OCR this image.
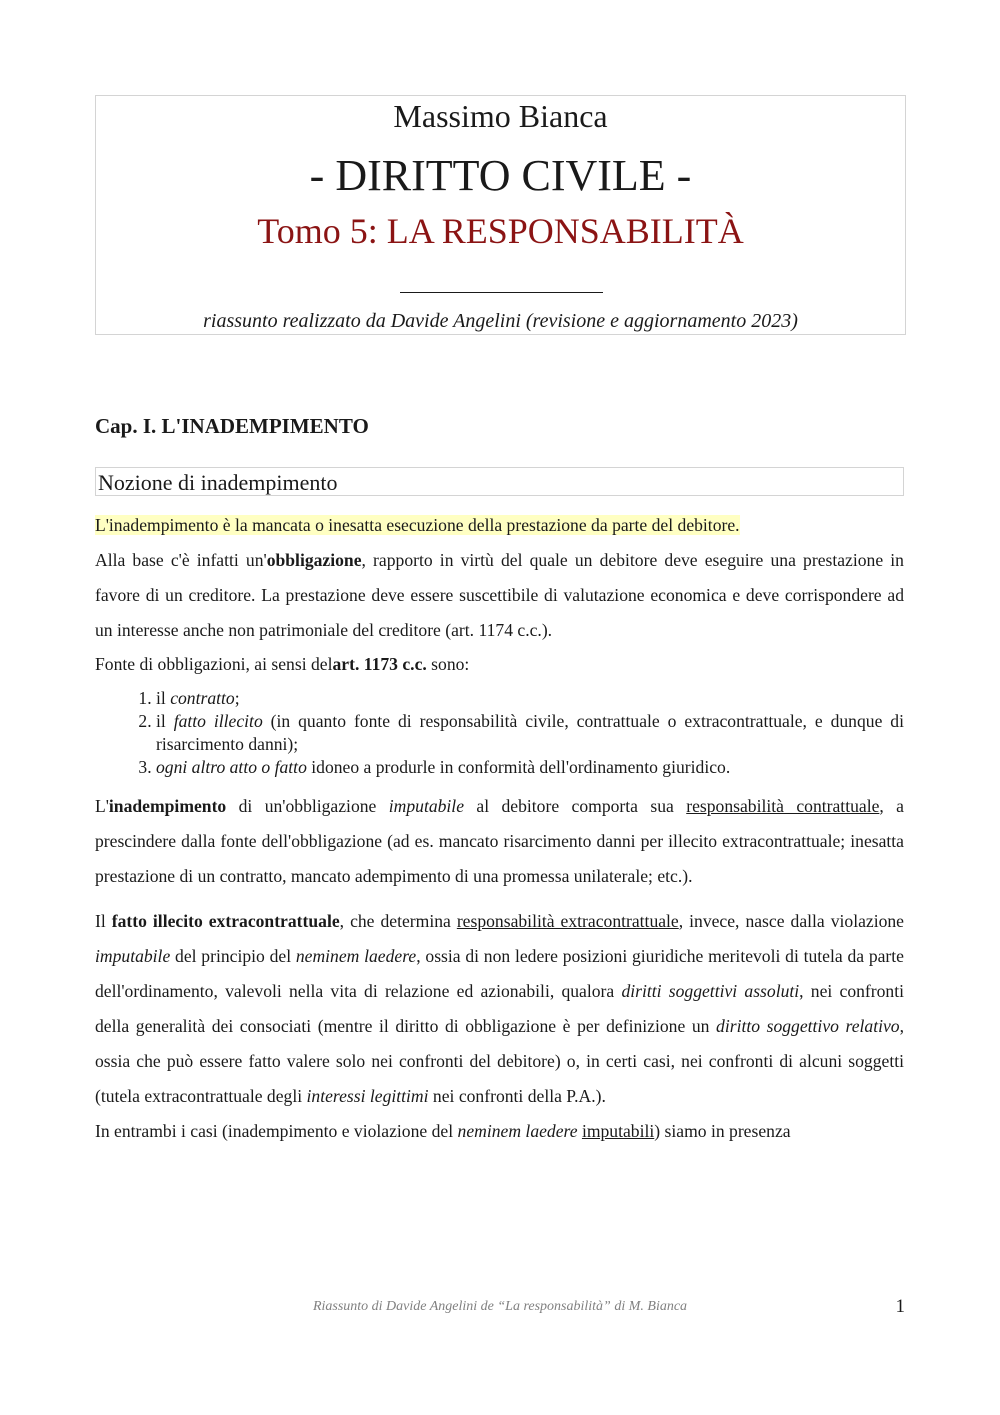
Massimo Bianca
- DIRITTO CIVILE -
Tomo 5: LA RESPONSABILITÀ
riassunto realizzato da Davide Angelini (revisione e aggiornamento 2023)
Cap. I. L'INADEMPIMENTO
Nozione di inadempimento

L'inadempimento è la mancata o inesatta esecuzione della prestazione da parte del debitore.

Alla base c'è infatti un'obbligazione, rapporto in virtù del quale un debitore deve eseguire una prestazione in favore di un creditore. La prestazione deve essere suscettibile di valutazione economica e deve corrispondere ad un interesse anche non patrimoniale del creditore (art. 1174 c.c.).

Fonte di obbligazioni, ai sensi delart. 1173 c.c. sono:

1. il contratto;
2. il fatto illecito (in quanto fonte di responsabilità civile, contrattuale o extracontrattuale, e dunque di risarcimento danni);
3. ogni altro atto o fatto idoneo a produrle in conformità dell'ordinamento giuridico.

L'inadempimento di un'obbligazione imputabile al debitore comporta sua responsabilità contrattuale, a prescindere dalla fonte dell'obbligazione (ad es. mancato risarcimento danni per illecito extracontrattuale; inesatta prestazione di un contratto, mancato adempimento di una promessa unilaterale; etc.).

Il fatto illecito extracontrattuale, che determina responsabilità extracontrattuale, invece, nasce dalla violazione imputabile del principio del neminem laedere, ossia di non ledere posizioni giuridiche meritevoli di tutela da parte dell'ordinamento, valevoli nella vita di relazione ed azionabili, qualora diritti soggettivi assoluti, nei confronti della generalità dei consociati (mentre il diritto di obbligazione è per definizione un diritto soggettivo relativo, ossia che può essere fatto valere solo nei confronti del debitore) o, in certi casi, nei confronti di alcuni soggetti (tutela extracontrattuale degli interessi legittimi nei confronti della P.A.).

In entrambi i casi (inadempimento e violazione del neminem laedere imputabili) siamo in presenza

Riassunto di Davide Angelini de “La responsabilità” di M. Bianca	1
